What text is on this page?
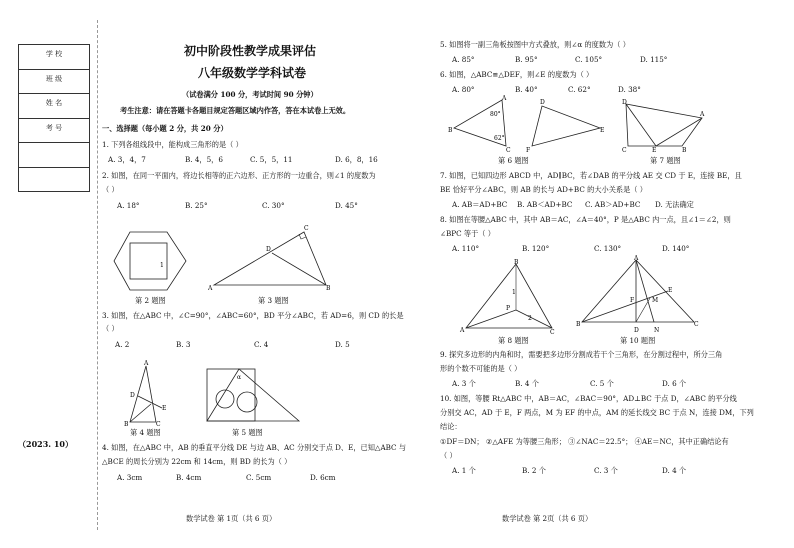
学 校
班 级
姓 名
考 号
（2023. 10）
初中阶段性教学成果评估
八年级数学学科试卷
（试卷满分 100 分，考试时间 90 分钟）
考生注意：请在答题卡各题目规定答题区域内作答，答在本试卷上无效。
一、选择题（每小题 2 分，共 20 分）
1. 下列各组线段中，能构成三角形的是（ ）
A. 3，4，7	B. 4，5，6	C. 5，5，11	D. 6，8，16
2. 如图，在同一平面内，将边长相等的正六边形、正方形的一边重合，则∠1 的度数为
（ ）
A. 18°	B. 25°	C. 30°	D. 45°
1
第 2 题图
A	B
C
D
第 3 题图
3. 如图，在△ABC 中，∠C=90°，∠ABC=60°，BD 平分∠ABC，若 AD=6，则 CD 的长是
（ ）
A. 2	B. 3	C. 4	D. 5
A
D
E
B	C
第 4 题图
α
第 5 题图
4. 如图，在△ABC 中，AB 的垂直平分线 DE 与边 AB、AC 分别交于点 D、E，已知△ABC 与
△BCE 的周长分别为 22cm 和 14cm，则 BD 的长为（ ）
A. 3cm	B. 4cm	C. 5cm	D. 6cm
数学试卷 第 1页（共 6 页）
5. 如图将一副三角板按图中方式叠放，则∠α 的度数为（ ）
A. 85°	B. 95°	C. 105°	D. 115°
6. 如图，△ABC≌△DEF，则∠E 的度数为（ ）
A. 80°	B. 40°	C. 62°	D. 38°
A
B
C
80°
62°
D
F
E
第 6 题图
D
A
C	E	B
第 7 题图
7. 如图，已知四边形 ABCD 中，AD∥BC，若∠DAB 的平分线 AE 交 CD 于 E，连接 BE，且
BE 恰好平分∠ABC，则 AB 的长与 AD+BC 的大小关系是（ ）
A. AB＝AD+BC B. AB＜AD+BC C. AB＞AD+BC D. 无法确定
8. 如图在等腰△ABC 中，其中 AB＝AC，∠A＝40°，P 是△ABC 内一点，且∠1＝∠2，则
∠BPC 等于（ ）
A. 110°	B. 120°	C. 130°	D. 140°
B
A	C
P
1
2
第 8 题图
A
B	C
F	M
E
D	N
第 10 题图
9. 探究多边形的内角和时，需要把多边形分割成若干个三角形，在分割过程中，所分三角
形的个数不可能的是（ ）
A. 3 个	B. 4 个	C. 5 个	D. 6 个
10. 如图，等腰 Rt△ABC 中，AB＝AC，∠BAC＝90°，AD⊥BC 于点 D，∠ABC 的平分线
分别交 AC，AD 于 E，F 两点，M 为 EF 的中点，AM 的延长线交 BC 于点 N，连接 DM，下列
结论：
①DF＝DN； ②△AFE 为等腰三角形； ③∠NAC＝22.5°； ④AE＝NC，其中正确结论有
（ ）
A. 1 个	B. 2 个	C. 3 个	D. 4 个
数学试卷 第 2页（共 6 页）
